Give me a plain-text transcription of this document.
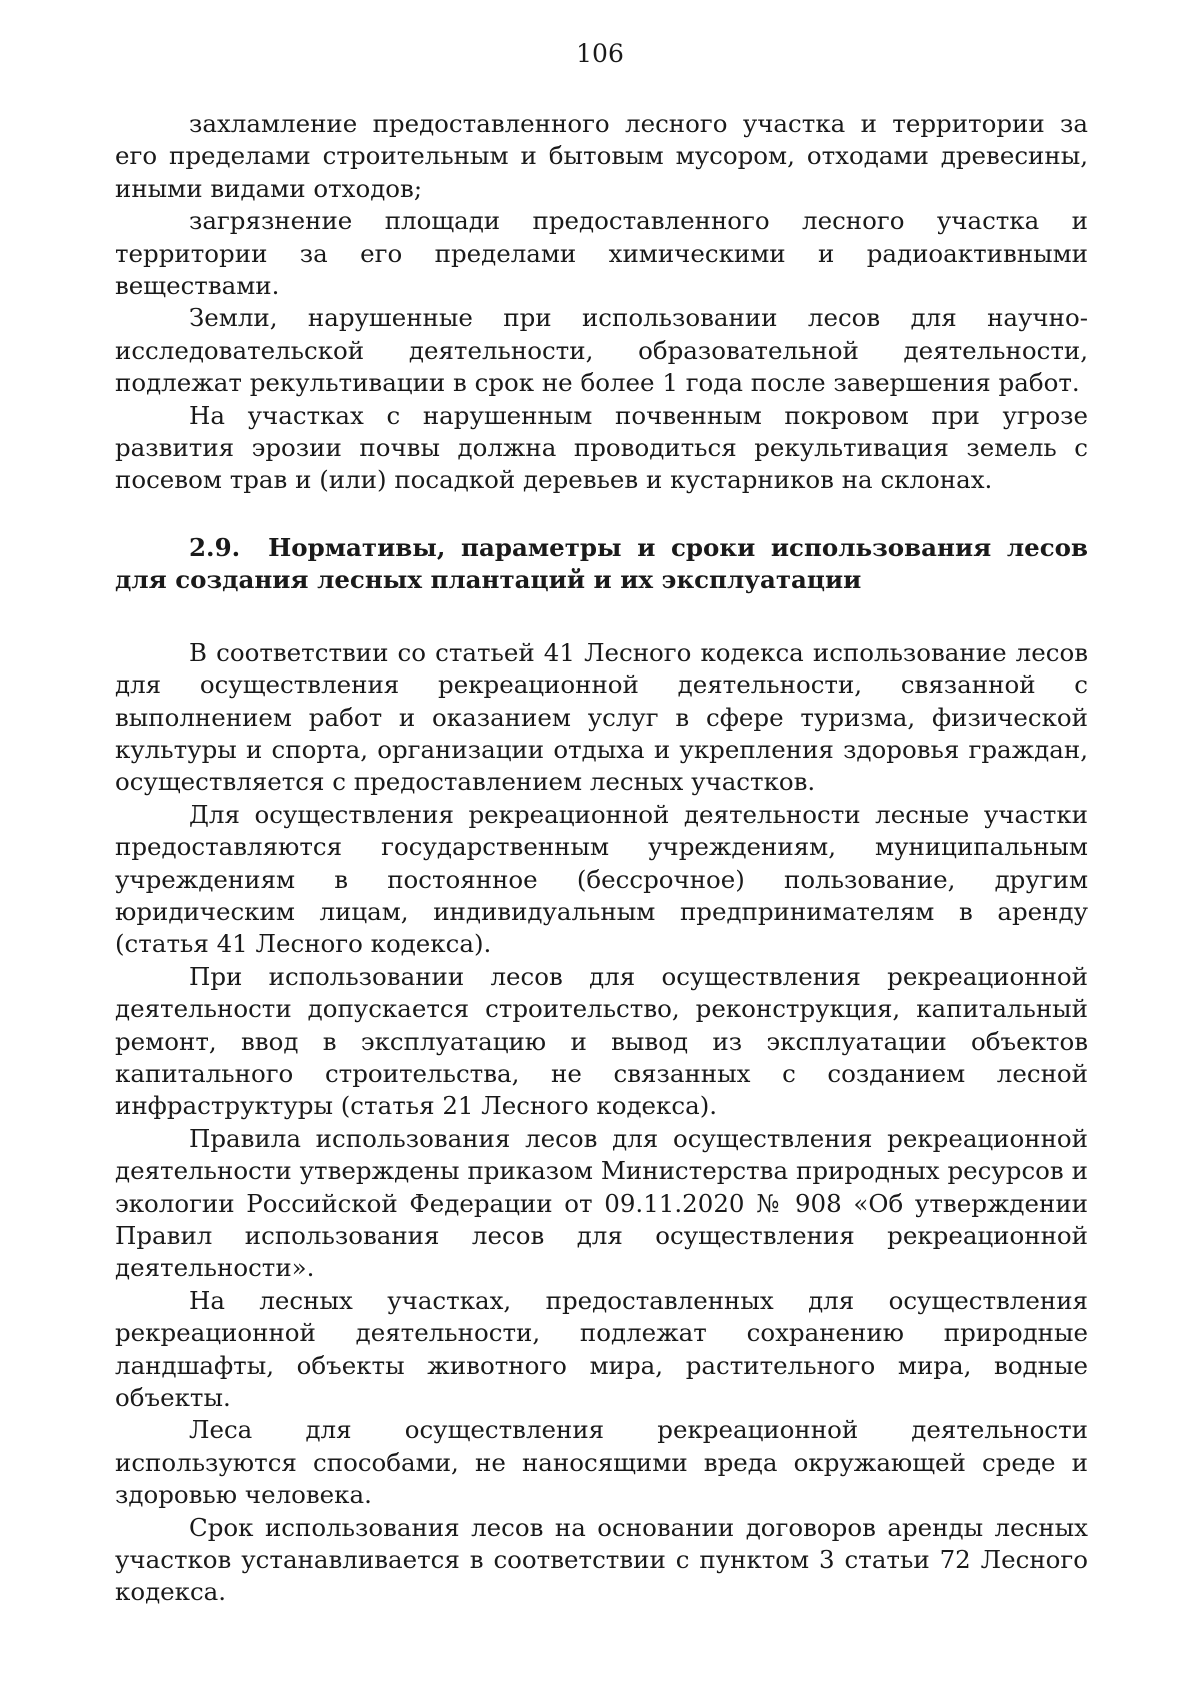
106

захламление предоставленного лесного участка и территории за его пределами строительным и бытовым мусором, отходами древесины, иными видами отходов;

загрязнение площади предоставленного лесного участка и территории за его пределами химическими и радиоактивными веществами.

Земли, нарушенные при использовании лесов для научно-исследовательской деятельности, образовательной деятельности, подлежат рекультивации в срок не более 1 года после завершения работ.

На участках с нарушенным почвенным покровом при угрозе развития эрозии почвы должна проводиться рекультивация земель с посевом трав и (или) посадкой деревьев и кустарников на склонах.

2.9. Нормативы, параметры и сроки использования лесов для создания лесных плантаций и их эксплуатации

В соответствии со статьей 41 Лесного кодекса использование лесов для осуществления рекреационной деятельности, связанной с выполнением работ и оказанием услуг в сфере туризма, физической культуры и спорта, организации отдыха и укрепления здоровья граждан, осуществляется с предоставлением лесных участков.

Для осуществления рекреационной деятельности лесные участки предоставляются государственным учреждениям, муниципальным учреждениям в постоянное (бессрочное) пользование, другим юридическим лицам, индивидуальным предпринимателям в аренду (статья 41 Лесного кодекса).

При использовании лесов для осуществления рекреационной деятельности допускается строительство, реконструкция, капитальный ремонт, ввод в эксплуатацию и вывод из эксплуатации объектов капитального строительства, не связанных с созданием лесной инфраструктуры (статья 21 Лесного кодекса).

Правила использования лесов для осуществления рекреационной деятельности утверждены приказом Министерства природных ресурсов и экологии Российской Федерации от 09.11.2020 № 908 «Об утверждении Правил использования лесов для осуществления рекреационной деятельности».

На лесных участках, предоставленных для осуществления рекреационной деятельности, подлежат сохранению природные ландшафты, объекты животного мира, растительного мира, водные объекты.

Леса для осуществления рекреационной деятельности используются способами, не наносящими вреда окружающей среде и здоровью человека.

Срок использования лесов на основании договоров аренды лесных участков устанавливается в соответствии с пунктом 3 статьи 72 Лесного кодекса.
